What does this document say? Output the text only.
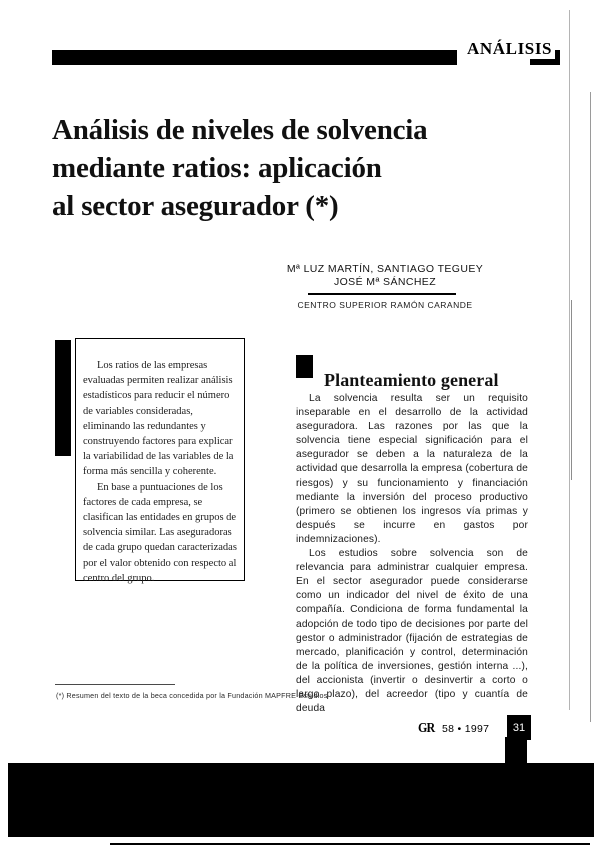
ANÁLISIS
Análisis de niveles de solvencia
mediante ratios: aplicación
al sector asegurador (*)
Mª LUZ MARTÍN, SANTIAGO TEGUEY
JOSÉ Mª SÁNCHEZ
CENTRO SUPERIOR RAMÓN CARANDE

Los ratios de las empresas evaluadas permiten realizar análisis estadísticos para reducir el número de variables consideradas, eliminando las redundantes y construyendo factores para explicar la variabilidad de las variables de la forma más sencilla y coherente.

En base a puntuaciones de los factores de cada empresa, se clasifican las entidades en grupos de solvencia similar. Las aseguradoras de cada grupo quedan caracterizadas por el valor obtenido con respecto al centro del grupo.

Planteamiento general

La solvencia resulta ser un requisito inseparable en el desarrollo de la actividad aseguradora. Las razones por las que la solvencia tiene especial significación para el asegurador se deben a la naturaleza de la actividad que desarrolla la empresa (cobertura de riesgos) y su funcionamiento y financiación mediante la inversión del proceso productivo (primero se obtienen los ingresos vía primas y después se incurre en gastos por indemnizaciones).

Los estudios sobre solvencia son de relevancia para administrar cualquier empresa. En el sector asegurador puede considerarse como un indicador del nivel de éxito de una compañía. Condiciona de forma fundamental la adopción de todo tipo de decisiones por parte del gestor o administrador (fijación de estrategias de mercado, planificación y control, determinación de la política de inversiones, gestión interna ...), del accionista (invertir o desinvertir a corto o largo plazo), del acreedor (tipo y cuantía de deuda

(*) Resumen del texto de la beca concedida por la Fundación MAPFRE Estudios
GR 58 • 1997	31
